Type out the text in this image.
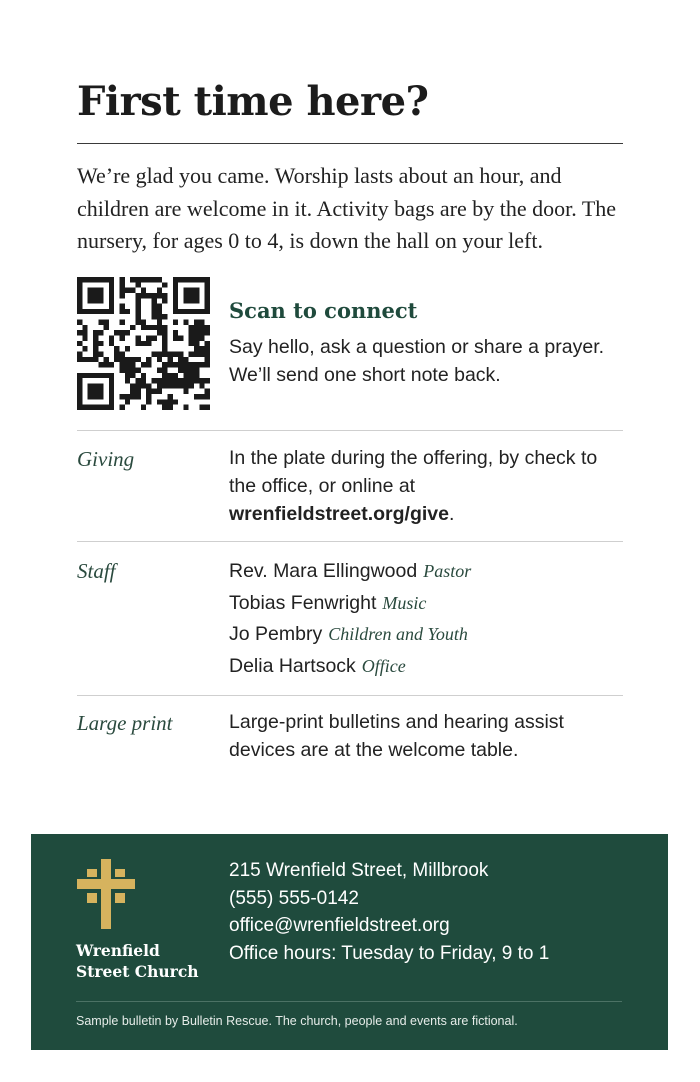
First time here?

We’re glad you came. Worship lasts about an hour, and children are welcome in it. Activity bags are by the door. The nursery, for ages 0 to 4, is down the hall on your left.

Scan to connect

Say hello, ask a question or share a prayer. We’ll send one short note back.

Giving	In the plate during the offering, by check to the office, or online at wrenfieldstreet.org/give.

Staff	Rev. Mara Ellingwood Pastor
Tobias Fenwright Music
Jo Pembry Children and Youth
Delia Hartsock Office
Large print	Large-print bulletins and hearing assist devices are at the welcome table.

Wrenfield
Street Church
215 Wrenfield Street, Millbrook
(555) 555-0142
office@wrenfieldstreet.org
Office hours: Tuesday to Friday, 9 to 1
Sample bulletin by Bulletin Rescue. The church, people and events are fictional.
